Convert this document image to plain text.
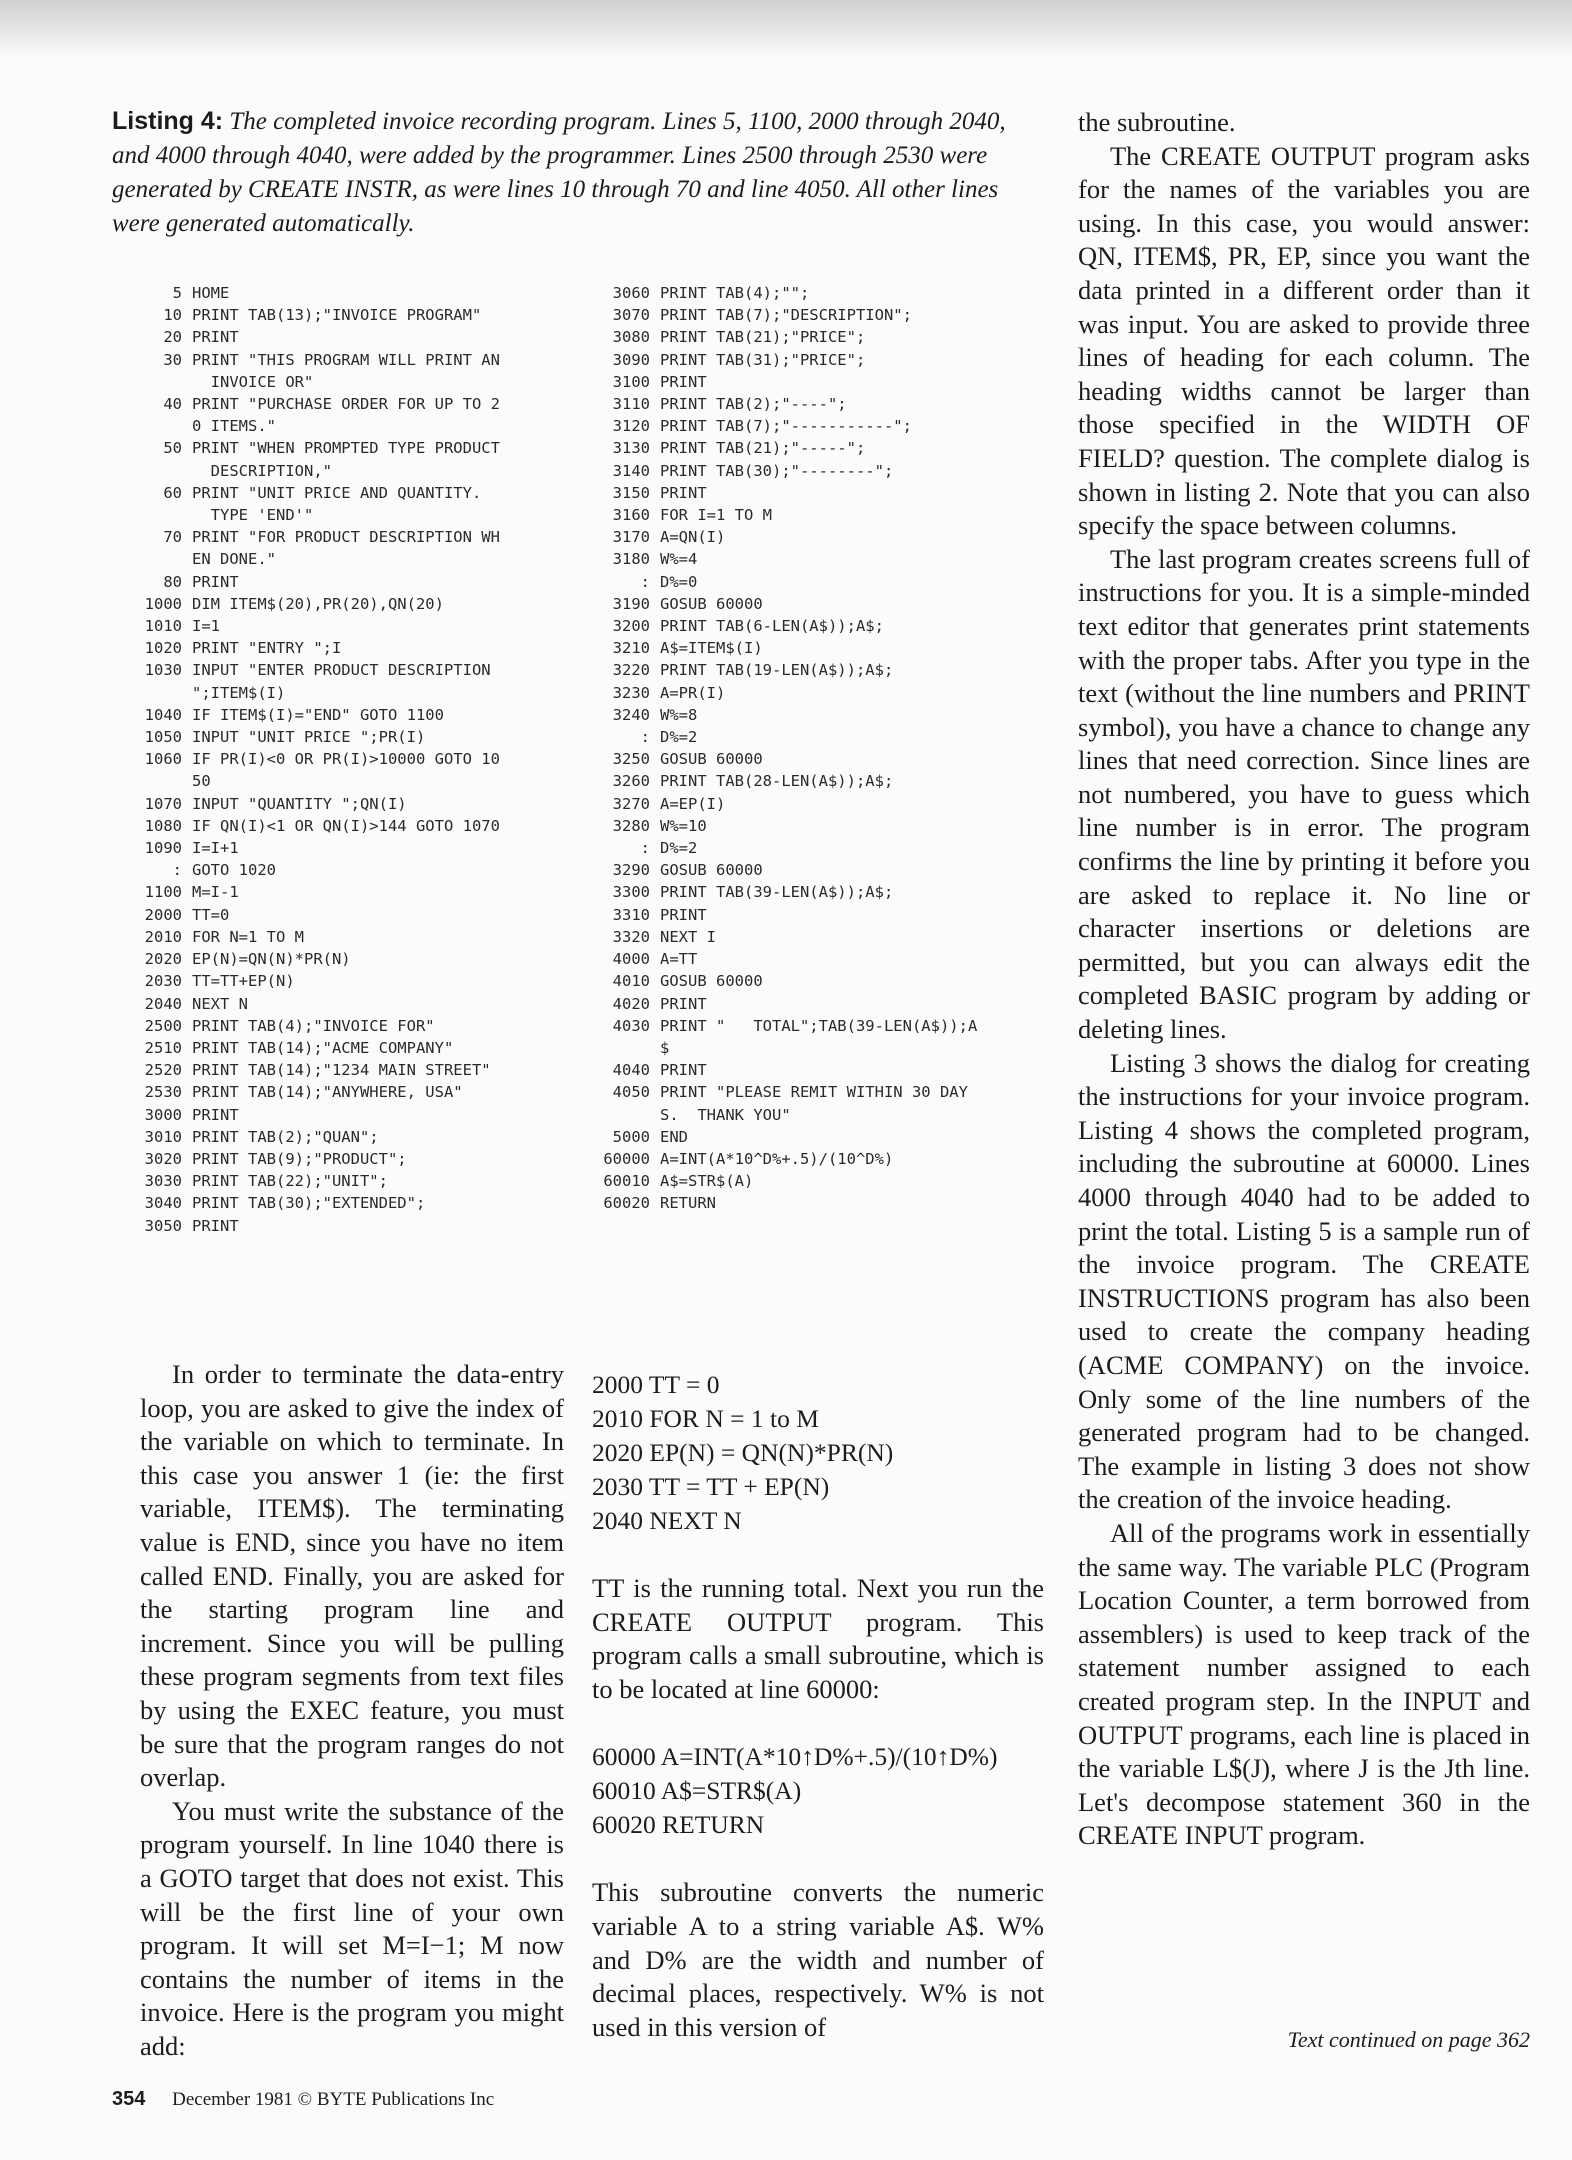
Listing 4: The completed invoice recording program. Lines 5, 1100, 2000 through 2040, and 4000 through 4040, were added by the programmer. Lines 2500 through 2530 were generated by CREATE INSTR, as were lines 10 through 70 and line 4050. All other lines were generated automatically.
5 HOME
10 PRINT TAB(13);"INVOICE PROGRAM"
20 PRINT
30 PRINT "THIS PROGRAM WILL PRINT AN
INVOICE OR"
40 PRINT "PURCHASE ORDER FOR UP TO 2
0 ITEMS."
50 PRINT "WHEN PROMPTED TYPE PRODUCT
DESCRIPTION,"
60 PRINT "UNIT PRICE AND QUANTITY.
TYPE 'END'"
70 PRINT "FOR PRODUCT DESCRIPTION WH
EN DONE."
80 PRINT
1000 DIM ITEM$(20),PR(20),QN(20)
1010 I=1
1020 PRINT "ENTRY ";I
1030 INPUT "ENTER PRODUCT DESCRIPTION
";ITEM$(I)
1040 IF ITEM$(I)="END" GOTO 1100
1050 INPUT "UNIT PRICE ";PR(I)
1060 IF PR(I)<0 OR PR(I)>10000 GOTO 10
50
1070 INPUT "QUANTITY ";QN(I)
1080 IF QN(I)<1 OR QN(I)>144 GOTO 1070
1090 I=I+1
: GOTO 1020
1100 M=I-1
2000 TT=0
2010 FOR N=1 TO M
2020 EP(N)=QN(N)*PR(N)
2030 TT=TT+EP(N)
2040 NEXT N
2500 PRINT TAB(4);"INVOICE FOR"
2510 PRINT TAB(14);"ACME COMPANY"
2520 PRINT TAB(14);"1234 MAIN STREET"
2530 PRINT TAB(14);"ANYWHERE, USA"
3000 PRINT
3010 PRINT TAB(2);"QUAN";
3020 PRINT TAB(9);"PRODUCT";
3030 PRINT TAB(22);"UNIT";
3040 PRINT TAB(30);"EXTENDED";
3050 PRINT
3060 PRINT TAB(4);"";
3070 PRINT TAB(7);"DESCRIPTION";
3080 PRINT TAB(21);"PRICE";
3090 PRINT TAB(31);"PRICE";
3100 PRINT
3110 PRINT TAB(2);"----";
3120 PRINT TAB(7);"-----------";
3130 PRINT TAB(21);"-----";
3140 PRINT TAB(30);"--------";
3150 PRINT
3160 FOR I=1 TO M
3170 A=QN(I)
3180 W%=4
: D%=0
3190 GOSUB 60000
3200 PRINT TAB(6-LEN(A$));A$;
3210 A$=ITEM$(I)
3220 PRINT TAB(19-LEN(A$));A$;
3230 A=PR(I)
3240 W%=8
: D%=2
3250 GOSUB 60000
3260 PRINT TAB(28-LEN(A$));A$;
3270 A=EP(I)
3280 W%=10
: D%=2
3290 GOSUB 60000
3300 PRINT TAB(39-LEN(A$));A$;
3310 PRINT
3320 NEXT I
4000 A=TT
4010 GOSUB 60000
4020 PRINT
4030 PRINT "   TOTAL";TAB(39-LEN(A$));A
$
4040 PRINT
4050 PRINT "PLEASE REMIT WITHIN 30 DAY
S.  THANK YOU"
5000 END
60000 A=INT(A*10^D%+.5)/(10^D%)
60010 A$=STR$(A)
60020 RETURN

In order to terminate the data-entry loop, you are asked to give the index of the variable on which to terminate. In this case you answer 1 (ie: the first variable, ITEM$). The terminating value is END, since you have no item called END. Finally, you are asked for the starting program line and increment. Since you will be pulling these program segments from text files by using the EXEC feature, you must be sure that the program ranges do not overlap.

You must write the substance of the program yourself. In line 1040 there is a GOTO target that does not exist. This will be the first line of your own program. It will set M=I−1; M now contains the number of items in the invoice. Here is the program you might add:

2000 TT = 0
2010 FOR N = 1 to M
2020 EP(N) = QN(N)*PR(N)
2030 TT = TT + EP(N)
2040 NEXT N

TT is the running total. Next you run the CREATE OUTPUT program. This program calls a small subroutine, which is to be located at line 60000:

60000 A=INT(A*10↑D%+.5)/(10↑D%)
60010 A$=STR$(A)
60020 RETURN

This subroutine converts the numeric variable A to a string variable A$. W% and D% are the width and number of decimal places, respectively. W% is not used in this version of

the subroutine.

The CREATE OUTPUT program asks for the names of the variables you are using. In this case, you would answer: QN, ITEM$, PR, EP, since you want the data printed in a different order than it was input. You are asked to provide three lines of heading for each column. The heading widths cannot be larger than those specified in the WIDTH OF FIELD? question. The complete dialog is shown in listing 2. Note that you can also specify the space between columns.

The last program creates screens full of instructions for you. It is a simple-minded text editor that generates print statements with the proper tabs. After you type in the text (without the line numbers and PRINT symbol), you have a chance to change any lines that need correction. Since lines are not numbered, you have to guess which line number is in error. The program confirms the line by printing it before you are asked to replace it. No line or character insertions or deletions are permitted, but you can always edit the completed BASIC program by adding or deleting lines.

Listing 3 shows the dialog for creating the instructions for your invoice program. Listing 4 shows the completed program, including the subroutine at 60000. Lines 4000 through 4040 had to be added to print the total. Listing 5 is a sample run of the invoice program. The CREATE INSTRUCTIONS program has also been used to create the company heading (ACME COMPANY) on the invoice. Only some of the line numbers of the generated program had to be changed. The example in listing 3 does not show the creation of the invoice heading.

All of the programs work in essentially the same way. The variable PLC (Program Location Counter, a term borrowed from assemblers) is used to keep track of the statement number assigned to each created program step. In the INPUT and OUTPUT programs, each line is placed in the variable L$(J), where J is the Jth line. Let's decompose statement 360 in the CREATE INPUT program.

Text continued on page 362
354 December 1981 © BYTE Publications Inc
